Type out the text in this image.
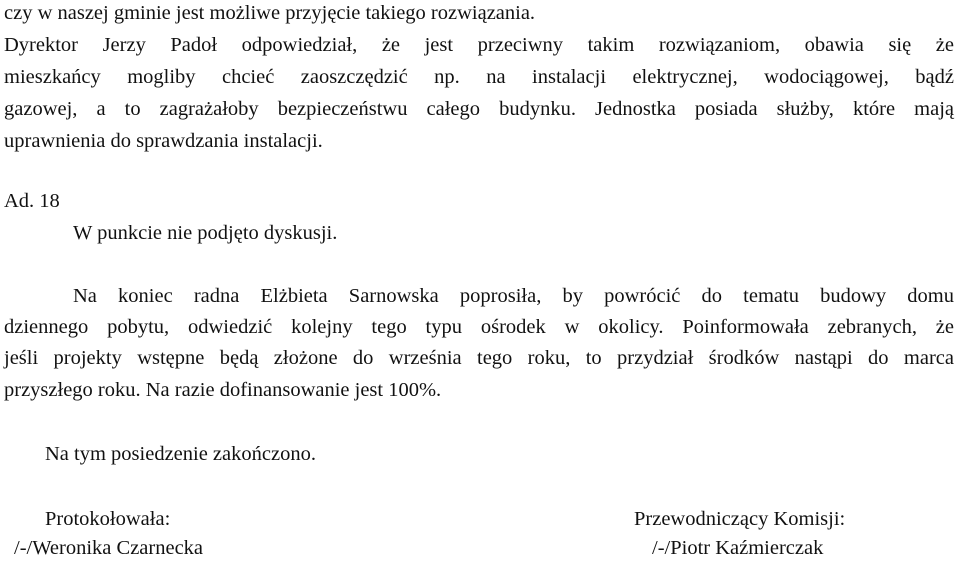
czy w naszej gminie jest możliwe przyjęcie takiego rozwiązania.
Dyrektor Jerzy Padoł odpowiedział, że jest przeciwny takim rozwiązaniom, obawia się że
mieszkańcy mogliby chcieć zaoszczędzić np. na instalacji elektrycznej, wodociągowej, bądź
gazowej, a to zagrażałoby bezpieczeństwu całego budynku. Jednostka posiada służby, które mają
uprawnienia do sprawdzania instalacji.
Ad. 18
W punkcie nie podjęto dyskusji.
Na koniec radna Elżbieta Sarnowska poprosiła, by powrócić do tematu budowy domu
dziennego pobytu, odwiedzić kolejny tego typu ośrodek w okolicy. Poinformowała zebranych, że
jeśli projekty wstępne będą złożone do września tego roku, to przydział środków nastąpi do marca
przyszłego roku. Na razie dofinansowanie jest 100%.
Na tym posiedzenie zakończono.
Protokołowała:
/-/Weronika Czarnecka
Przewodniczący Komisji:
/-/Piotr Kaźmierczak
